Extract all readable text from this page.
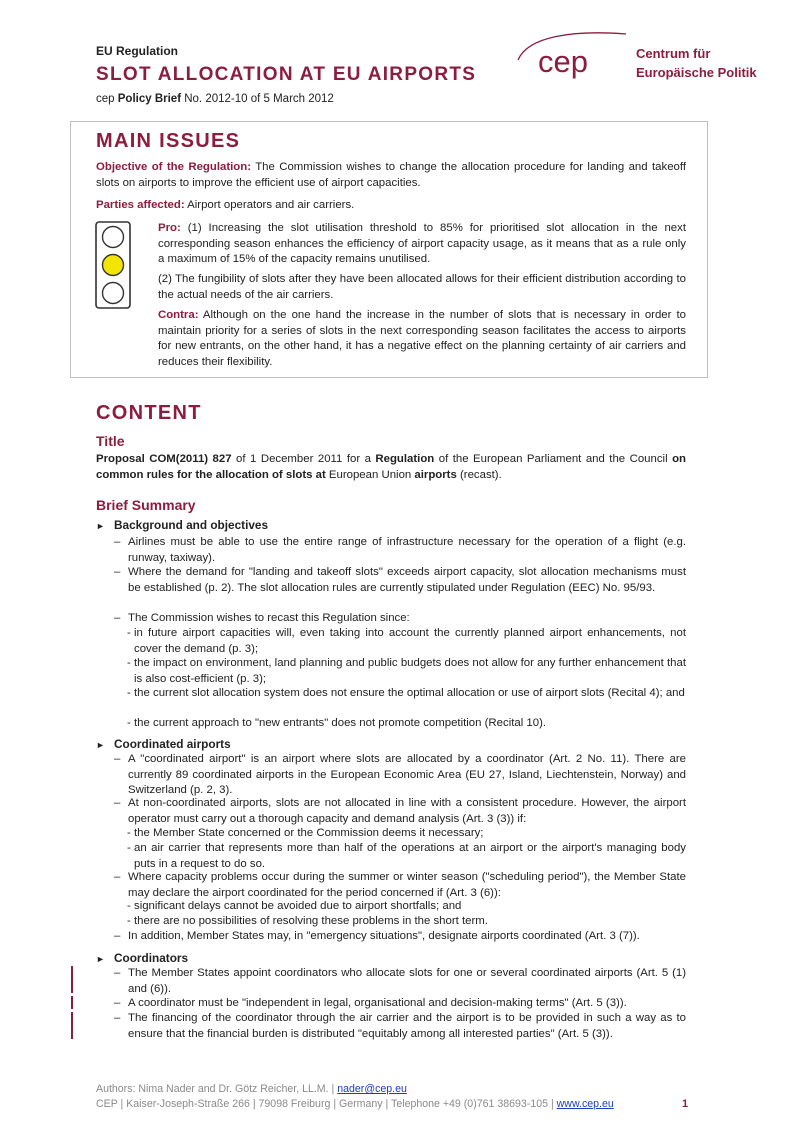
EU Regulation
SLOT ALLOCATION AT EU AIRPORTS
cep Policy Brief No. 2012-10 of 5 March 2012
cep	Centrum für
Europäische Politik
MAIN ISSUES
Objective of the Regulation: The Commission wishes to change the allocation procedure for landing and takeoff slots on airports to improve the efficient use of airport capacities.
Parties affected: Airport operators and air carriers.
Pro: (1) Increasing the slot utilisation threshold to 85% for prioritised slot allocation in the next corresponding season enhances the efficiency of airport capacity usage, as it means that as a rule only a maximum of 15% of the capacity remains unutilised.
(2) The fungibility of slots after they have been allocated allows for their efficient distribution according to the actual needs of the air carriers.
Contra: Although on the one hand the increase in the number of slots that is necessary in order to maintain priority for a series of slots in the next corresponding season facilitates the access to airports for new entrants, on the other hand, it has a negative effect on the planning certainty of air carriers and reduces their flexibility.
CONTENT
Title
Proposal COM(2011) 827 of 1 December 2011 for a Regulation of the European Parliament and the Council on common rules for the allocation of slots at European Union airports (recast).
Brief Summary
► Background and objectives
– Airlines must be able to use the entire range of infrastructure necessary for the operation of a flight (e.g. runway, taxiway).
– Where the demand for "landing and takeoff slots" exceeds airport capacity, slot allocation mechanisms must be established (p. 2). The slot allocation rules are currently stipulated under Regulation (EEC) No. 95/93.
– The Commission wishes to recast this Regulation since:
- in future airport capacities will, even taking into account the currently planned airport enhancements, not cover the demand (p. 3);
- the impact on environment, land planning and public budgets does not allow for any further enhancement that is also cost-efficient (p. 3);
- the current slot allocation system does not ensure the optimal allocation or use of airport slots (Recital 4); and
- the current approach to "new entrants" does not promote competition (Recital 10).
► Coordinated airports
– A "coordinated airport" is an airport where slots are allocated by a coordinator (Art. 2 No. 11). There are currently 89 coordinated airports in the European Economic Area (EU 27, Island, Liechtenstein, Norway) and Switzerland (p. 2, 3).
– At non-coordinated airports, slots are not allocated in line with a consistent procedure. However, the airport operator must carry out a thorough capacity and demand analysis (Art. 3 (3)) if:
- the Member State concerned or the Commission deems it necessary;
- an air carrier that represents more than half of the operations at an airport or the airport's managing body puts in a request to do so.
– Where capacity problems occur during the summer or winter season ("scheduling period"), the Member State may declare the airport coordinated for the period concerned if (Art. 3 (6)):
- significant delays cannot be avoided due to airport shortfalls; and
- there are no possibilities of resolving these problems in the short term.
– In addition, Member States may, in "emergency situations", designate airports coordinated (Art. 3 (7)).
► Coordinators
– The Member States appoint coordinators who allocate slots for one or several coordinated airports (Art. 5 (1) and (6)).
– A coordinator must be "independent in legal, organisational and decision-making terms" (Art. 5 (3)).
– The financing of the coordinator through the air carrier and the airport is to be provided in such a way as to ensure that the financial burden is distributed "equitably among all interested parties" (Art. 5 (3)).
Authors: Nima Nader and Dr. Götz Reicher, LL.M. | nader@cep.eu
CEP | Kaiser-Joseph-Straße 266 | 79098 Freiburg | Germany | Telephone +49 (0)761 38693-105 | www.cep.eu	1
